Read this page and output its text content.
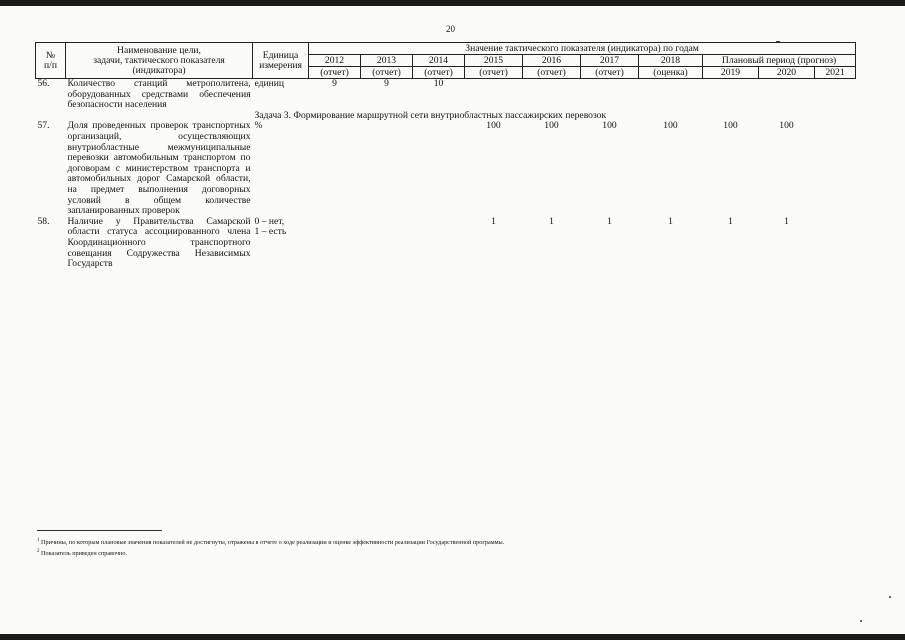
20
№
п/п	Наименование цели,
задачи, тактического показателя
(индикатора)	Единица
измерения	Значение тактического показателя (индикатора) по годам									
			2012	2013	2014	2015	2016	2017	2018	Плановый период (прогноз)		
			(отчет)	(отчет)	(отчет)	(отчет)	(отчет)	(отчет)	(оценка)	2019	2020	2021
56.	Количество станций метрополитена, оборудованных средствами обеспечения безопасности населения	единиц	9	9	10							
		Задача 3. Формирование маршрутной сети внутриобластных пассажирских перевозок										
57.	Доля проведенных проверок транспортных организаций, осуществляющих внутриобластные межмуниципальные перевозки автомобильным транспортом по договорам с министерством транспорта и автомобильных дорог Самарской области, на предмет выполнения договорных условий в общем количестве запланированных проверок	%				100	100	100	100	100	100	
58.	Наличие у Правительства Самарской области статуса ассоциированного члена Координационного транспортного совещания Содружества Независимых Государств	0 – нет,
1 – есть				1	1	1	1	1	1	
$^1$ Причины, по которым плановые значения показателей не достигнуты, отражены в отчете о ходе реализации и оценке эффективности реализации Государственной программы.
$^2$ Показатель приведен справочно.
